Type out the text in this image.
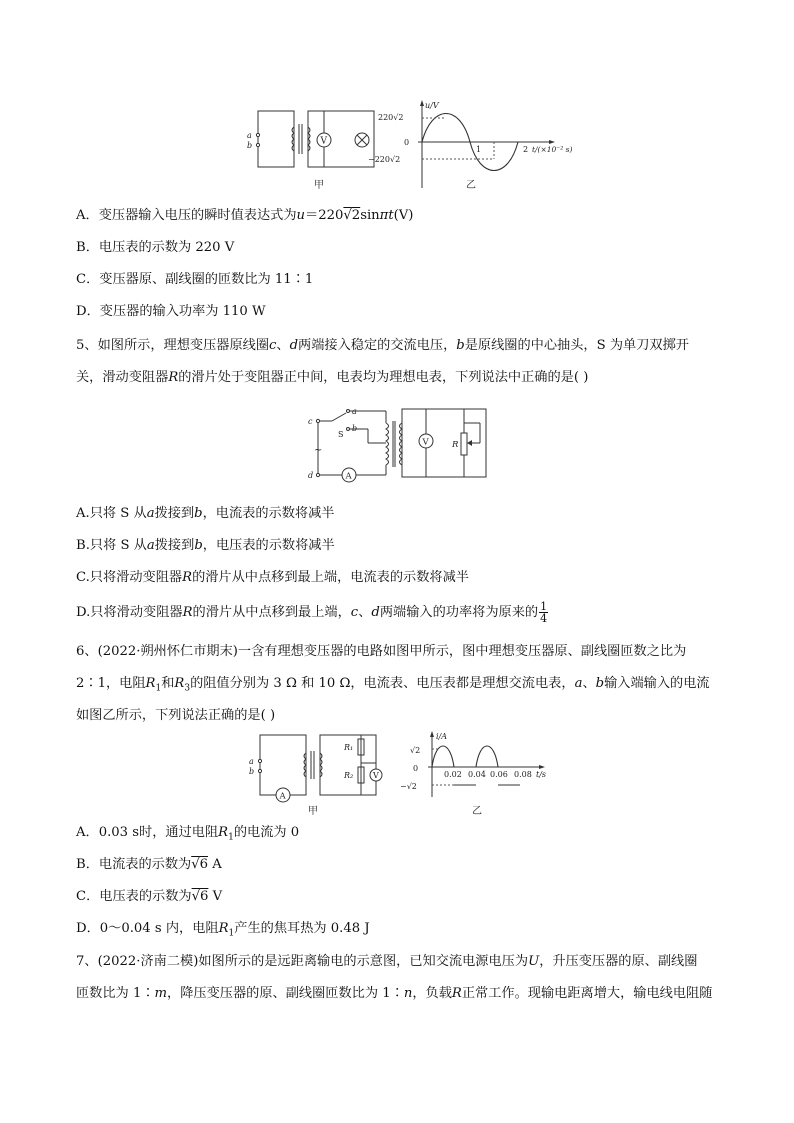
a
b	V
甲
u/V
220√2
0
−220√2
1	2 t/(×10⁻² s)
乙
A．变压器输入电压的瞬时值表达式为u＝220√2sinπt(V)
B．电压表的示数为 220 V
C．变压器原、副线圈的匝数比为 11∶1
D．变压器的输入功率为 110 W
5、如图所示，理想变压器原线圈c、d两端接入稳定的交流电压，b是原线圈的中心抽头，S 为单刀双掷开
关，滑动变阻器R的滑片处于变阻器正中间，电表均为理想电表，下列说法中正确的是( )
c
d
~
a
b
S
A
V	R
A.只将 S 从a拨接到b，电流表的示数将减半
B.只将 S 从a拨接到b，电压表的示数将减半
C.只将滑动变阻器R的滑片从中点移到最上端，电流表的示数将减半
D.只将滑动变阻器R的滑片从中点移到最上端，c、d两端输入的功率将为原来的 $\frac{1}{4}$
6、(2022·朔州怀仁市期末)一含有理想变压器的电路如图甲所示，图中理想变压器原、副线圈匝数之比为
2∶1，电阻$R_1$和$R_3$的阻值分别为 3 Ω 和 10 Ω，电流表、电压表都是理想交流电表，a、b输入端输入的电流
如图乙所示，下列说法正确的是( )
a
b
A
R₁
R₂ V
甲
i/A
√2
0
−√2
0.02 0.04 0.06 0.08 t/s
乙
A．0.03 s时，通过电阻$R_1$的电流为 0
B．电流表的示数为√6 A
C．电压表的示数为√6 V
D．0～0.04 s 内，电阻$R_1$产生的焦耳热为 0.48 J
7、(2022·济南二模)如图所示的是远距离输电的示意图，已知交流电源电压为U，升压变压器的原、副线圈
匝数比为 1∶m，降压变压器的原、副线圈匝数比为 1∶n，负载R正常工作。现输电距离增大，输电线电阻随
